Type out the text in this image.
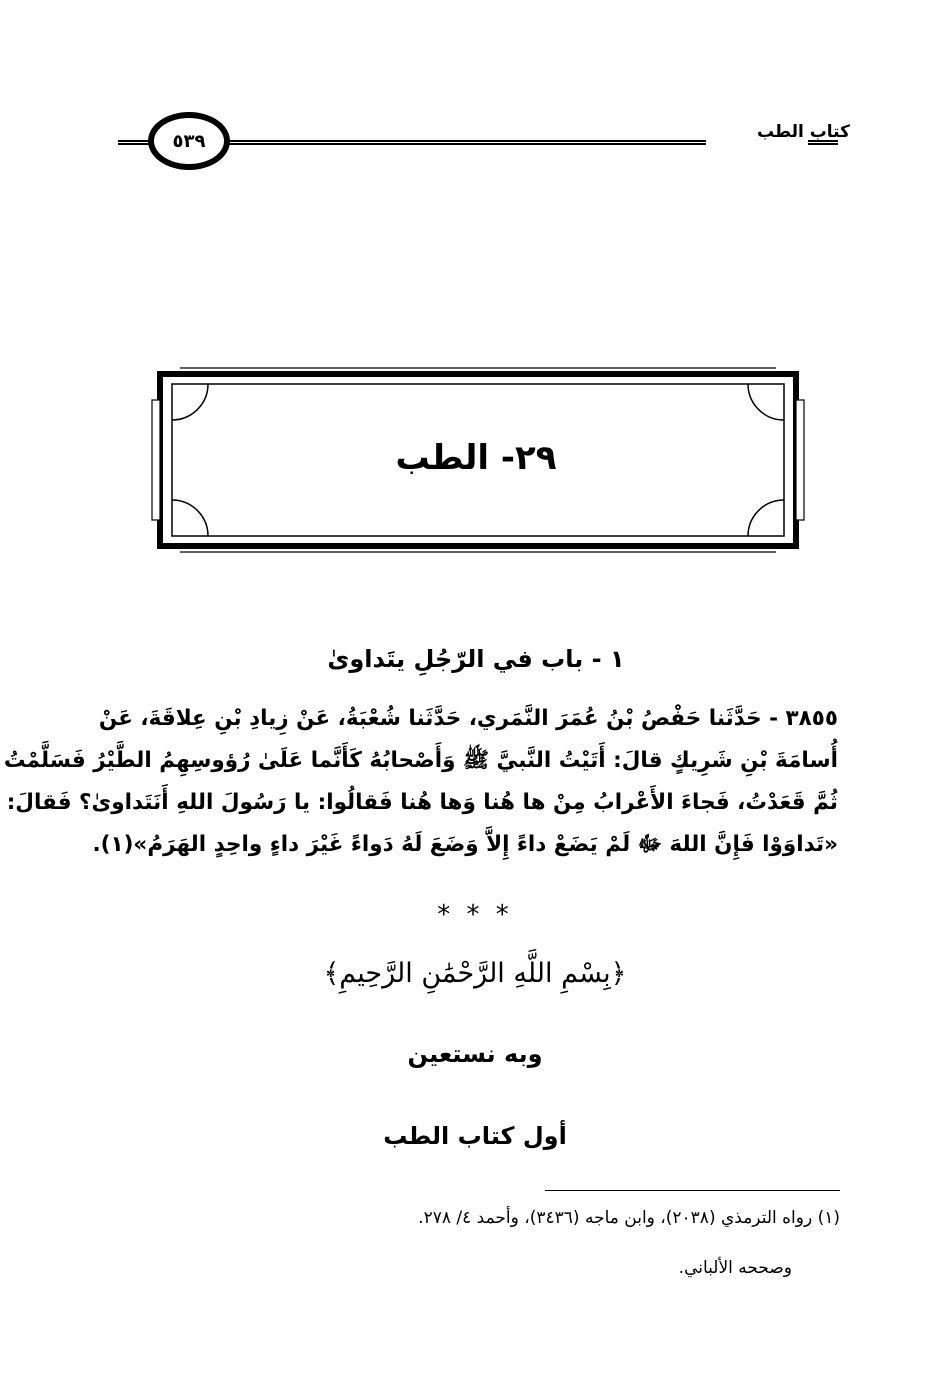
كتاب الطب
٥٣٩
٢٩- الطب
١ - باب في الرّجُلِ يتَداوىٰ
٣٨٥٥ - حَدَّثَنا حَفْصُ بْنُ عُمَرَ النَّمَري، حَدَّثَنا شُعْبَةُ، عَنْ زِيادِ بْنِ عِلاقَةَ، عَنْ
أُسامَةَ بْنِ شَرِيكٍ قالَ: أَتَيْتُ النَّبيَّ ﷺ وَأَصْحابُهُ كَأَنَّما عَلَىٰ رُؤوسِهِمُ الطَّيْرُ فَسَلَّمْتُ
ثُمَّ قَعَدْتُ، فَجاءَ الأَعْرابُ مِنْ ها هُنا وَها هُنا فَقالُوا: يا رَسُولَ اللهِ أَنَتَداوىٰ؟ فَقالَ:
«تَداوَوْا فَإِنَّ اللهَ ﷻ لَمْ يَضَعْ داءً إِلاَّ وَضَعَ لَهُ دَواءً غَيْرَ داءٍ واحِدٍ الهَرَمُ»(١).
* * *
﴿بِسْمِ اللَّهِ الرَّحْمَٰنِ الرَّحِيمِ﴾
وبه نستعين
أول كتاب الطب
(١) رواه الترمذي (٢٠٣٨)، وابن ماجه (٣٤٣٦)، وأحمد ٤/ ٢٧٨.
وصححه الألباني.
